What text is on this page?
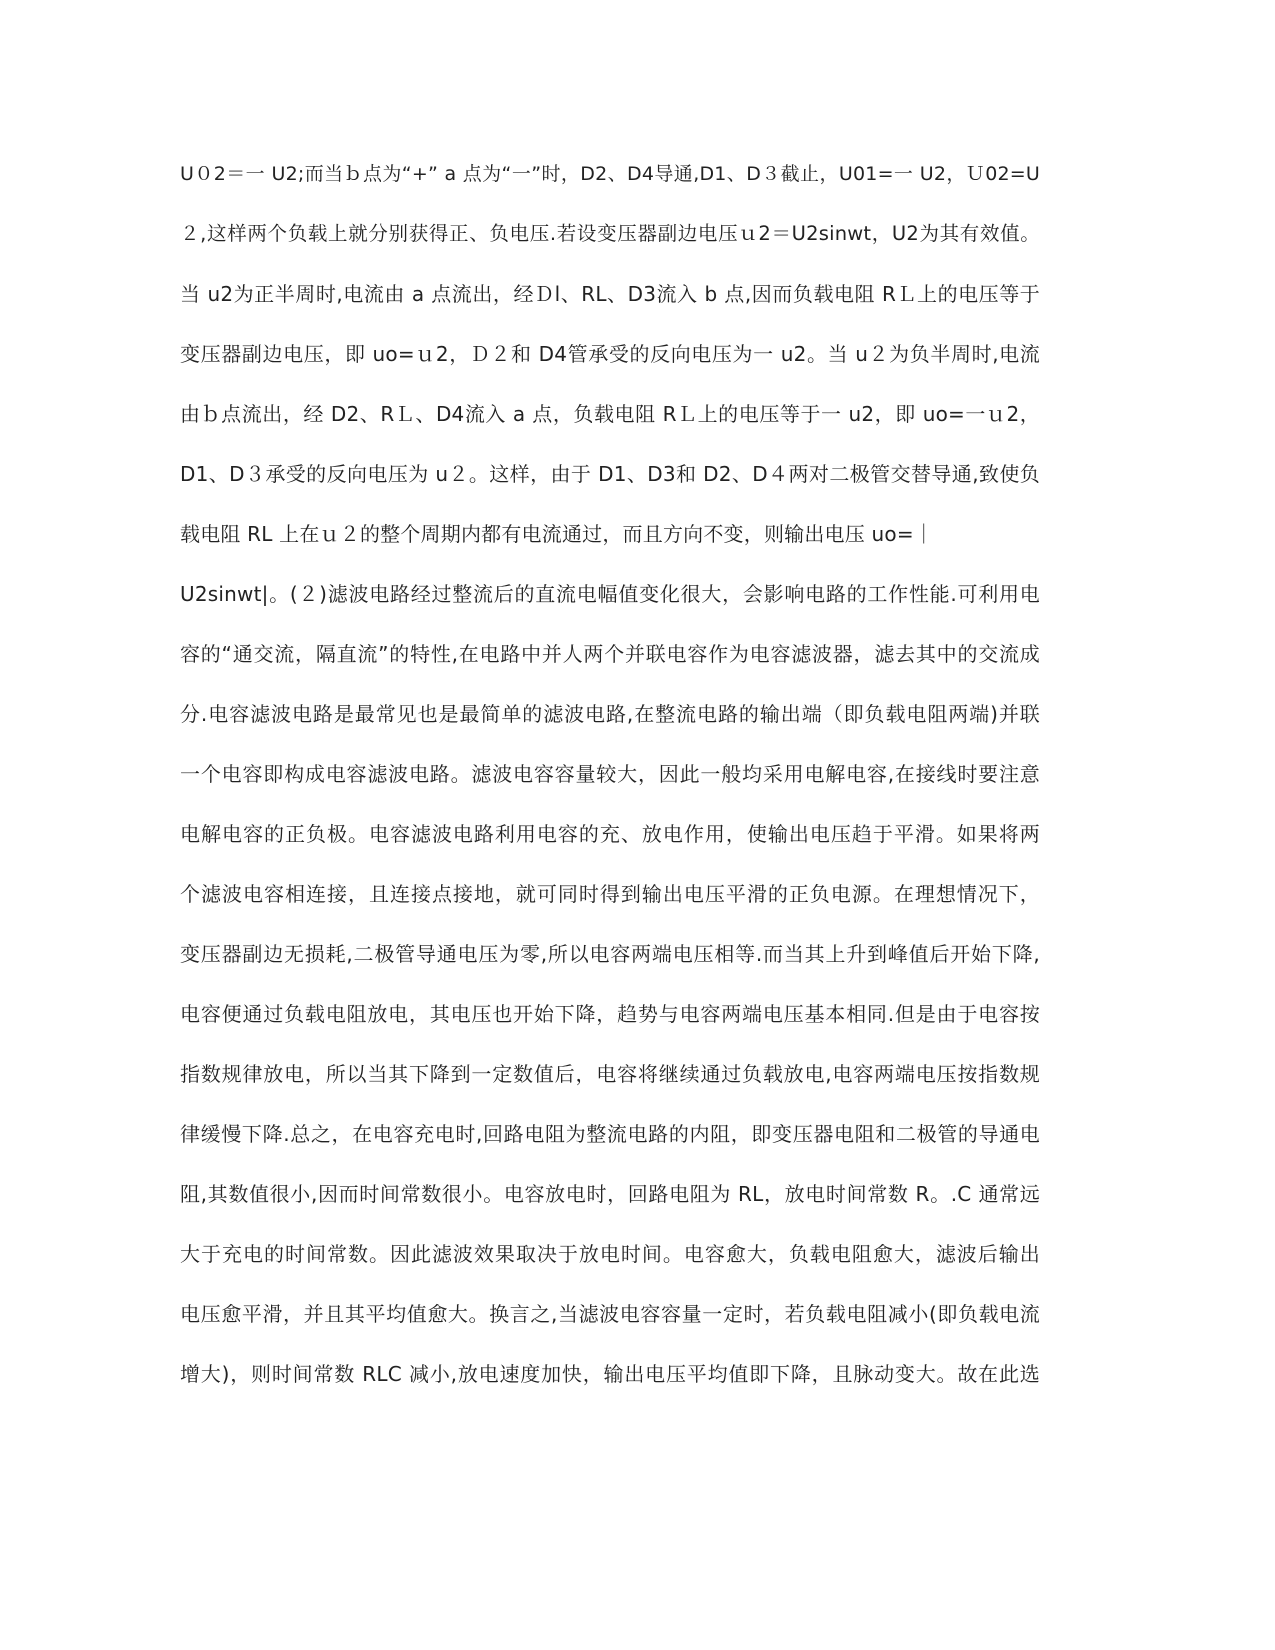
U０2＝一 U2;而当ｂ点为“+” a 点为“一”时，D2、D4导通,D1、D３截止，U01=一 U2，Ｕ02=U
２,这样两个负载上就分别获得正、负电压.若设变压器副边电压ｕ2＝U2sinwt，U2为其有效值。
当 u2为正半周时,电流由 a 点流出，经Ｄl、RL、D3流入 b 点,因而负载电阻 RＬ上的电压等于
变压器副边电压，即 uo=ｕ2，Ｄ２和 D4管承受的反向电压为一 u2。当 u２为负半周时,电流
由ｂ点流出，经 D2、RＬ、D4流入 a 点，负载电阻 RＬ上的电压等于一 u2，即 uo=一ｕ2，
D1、D３承受的反向电压为 u２。这样，由于 D1、D3和 D2、D４两对二极管交替导通,致使负
载电阻 RL 上在ｕ２的整个周期内都有电流通过，而且方向不变，则输出电压 uo=｜
U2sinwt|。(２)滤波电路经过整流后的直流电幅值变化很大，会影响电路的工作性能.可利用电
容的“通交流，隔直流”的特性,在电路中并人两个并联电容作为电容滤波器，滤去其中的交流成
分.电容滤波电路是最常见也是最简单的滤波电路,在整流电路的输出端（即负载电阻两端)并联
一个电容即构成电容滤波电路。滤波电容容量较大，因此一般均采用电解电容,在接线时要注意
电解电容的正负极。电容滤波电路利用电容的充、放电作用，使输出电压趋于平滑。如果将两
个滤波电容相连接，且连接点接地，就可同时得到输出电压平滑的正负电源。在理想情况下，
变压器副边无损耗,二极管导通电压为零,所以电容两端电压相等.而当其上升到峰值后开始下降,
电容便通过负载电阻放电，其电压也开始下降，趋势与电容两端电压基本相同.但是由于电容按
指数规律放电，所以当其下降到一定数值后，电容将继续通过负载放电,电容两端电压按指数规
律缓慢下降.总之，在电容充电时,回路电阻为整流电路的内阻，即变压器电阻和二极管的导通电
阻,其数值很小,因而时间常数很小。电容放电时，回路电阻为 RL，放电时间常数 R。.C 通常远
大于充电的时间常数。因此滤波效果取决于放电时间。电容愈大，负载电阻愈大，滤波后输出
电压愈平滑，并且其平均值愈大。换言之,当滤波电容容量一定时，若负载电阻减小(即负载电流
增大)，则时间常数 RLC 减小,放电速度加快，输出电压平均值即下降，且脉动变大。故在此选
